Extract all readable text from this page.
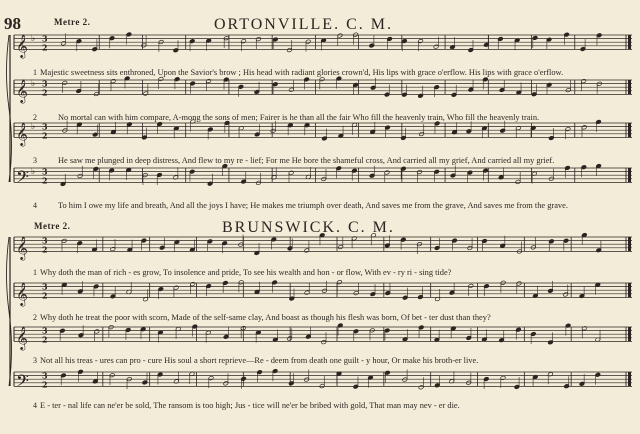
𝄞 ♭ 3
2
𝄞 ♭ 3
2
𝄞 ♭ 3
2
𝄢 ♭ 3
2
𝄞 3
2
𝄞 3
2
𝄞 3
2
𝄢 3
2
98	Metre 2.	ORTONVILLE. C. M.
1 Majestic sweetness sits enthroned, Upon the Savior's brow ; His head with radiant glories crown'd, His lips with grace o'erflow. His lips with grace o'erflow.
2	No mortal can with him compare, A-mong the sons of men; Fairer is he than all the fair Who fill the heavenly train, Who fill the heavenly train.
3	He saw me plunged in deep distress, And flew to my re - lief; For me He bore the shameful cross, And carried all my grief, And carried all my grief.
4	To him I owe my life and breath, And all the joys I have; He makes me triumph over death, And saves me from the grave, And saves me from the grave.
Metre 2.	BRUNSWICK. C. M.
1 Why doth the man of rich - es grow, To insolence and pride, To see his wealth and hon - or flow, With ev - ry ri - sing tide?
2 Why doth he treat the poor with scorn, Made of the self-same clay, And boast as though his flesh was born, Of bet - ter dust than they?
3 Not all his treas - ures can pro - cure His soul a short reprieve—Re - deem from death one guilt - y hour, Or make his broth-er live.
4 E - ter - nal life can ne'er be sold, The ransom is too high; Jus - tice will ne'er be bribed with gold, That man may nev - er die.
